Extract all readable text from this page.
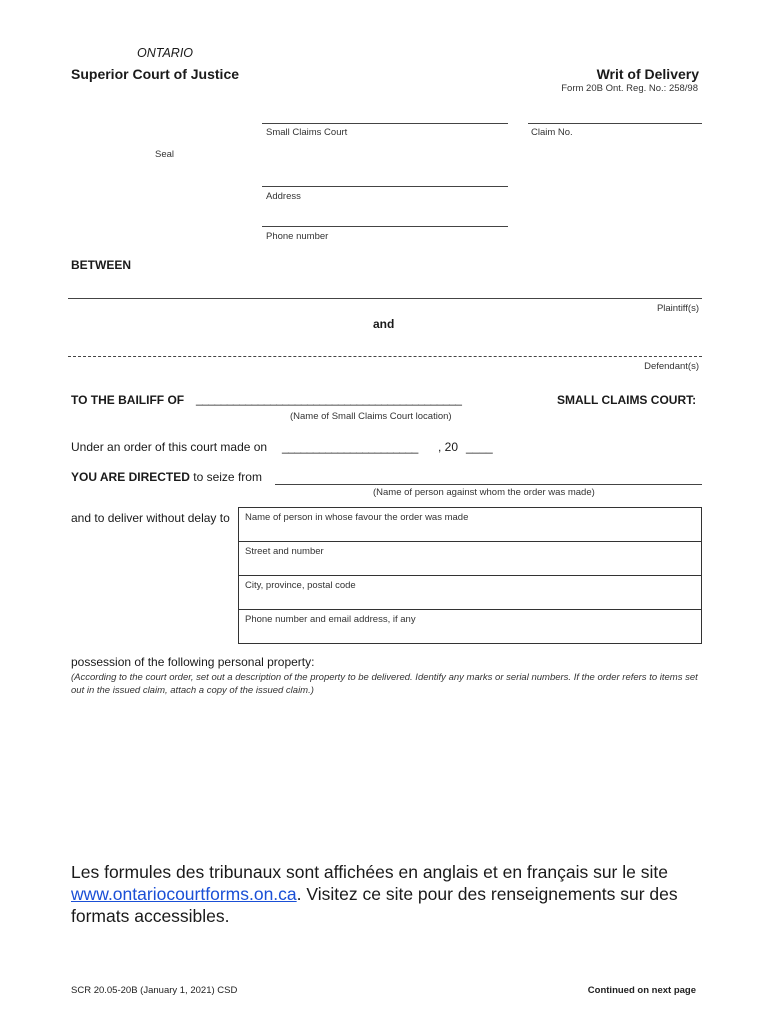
ONTARIO
Superior Court of Justice	Writ of Delivery
Form 20B Ont. Reg. No.: 258/98
Small Claims Court	Claim No.
Seal
Address
Phone number
BETWEEN
Plaintiff(s)
and
Defendant(s)
TO THE BAILIFF OF ___________________________________________	SMALL CLAIMS COURT:
(Name of Small Claims Court location)
Under an order of this court made on ______________________ , 20 ____
YOU ARE DIRECTED to seize from
(Name of person against whom the order was made)
and to deliver without delay to	Name of person in whose favour the order was made
Street and number
City, province, postal code
Phone number and email address, if any
possession of the following personal property:
(According to the court order, set out a description of the property to be delivered. Identify any marks or serial numbers. If the order refers to items set out in the issued claim, attach a copy of the issued claim.)
Les formules des tribunaux sont affichées en anglais et en français sur le site
www.ontariocourtforms.on.ca. Visitez ce site pour des renseignements sur des
formats accessibles.
SCR 20.05-20B (January 1, 2021) CSD	Continued on next page
